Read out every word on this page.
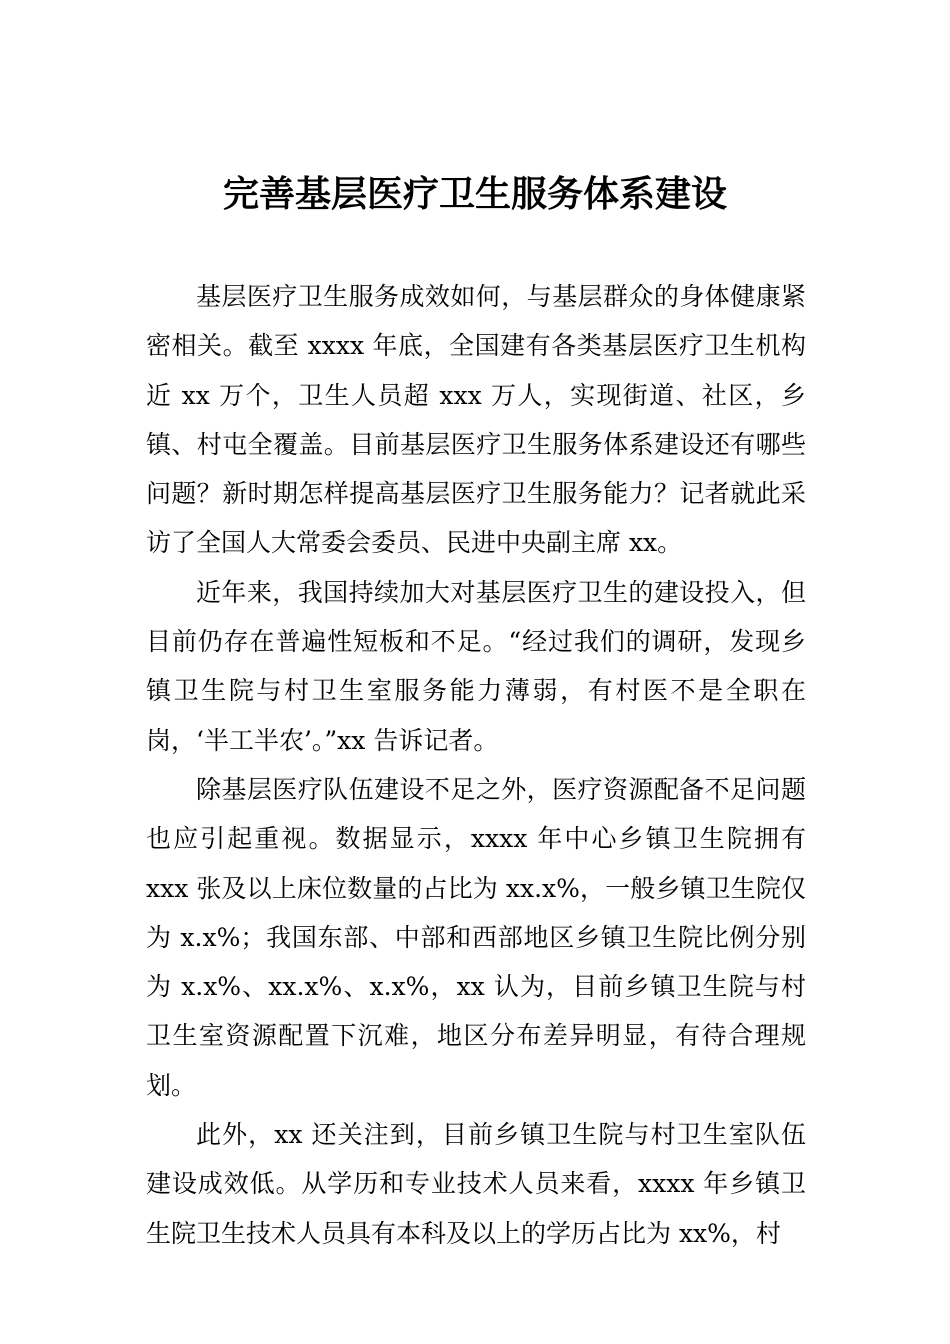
完善基层医疗卫生服务体系建设

基层医疗卫生服务成效如何，与基层群众的身体健康紧密相关。截至 xxxx 年底，全国建有各类基层医疗卫生机构近 xx 万个，卫生人员超 xxx 万人，实现街道、社区，乡镇、村屯全覆盖。目前基层医疗卫生服务体系建设还有哪些问题？新时期怎样提高基层医疗卫生服务能力？记者就此采访了全国人大常委会委员、民进中央副主席 xx。

近年来，我国持续加大对基层医疗卫生的建设投入，但目前仍存在普遍性短板和不足。“经过我们的调研，发现乡镇卫生院与村卫生室服务能力薄弱，有村医不是全职在岗，‘半工半农’。”xx 告诉记者。

除基层医疗队伍建设不足之外，医疗资源配备不足问题也应引起重视。数据显示，xxxx 年中心乡镇卫生院拥有 xxx 张及以上床位数量的占比为 xx.x%，一般乡镇卫生院仅为 x.x%；我国东部、中部和西部地区乡镇卫生院比例分别为 x.x%、xx.x%、x.x%，xx 认为，目前乡镇卫生院与村卫生室资源配置下沉难，地区分布差异明显，有待合理规划。

此外，xx 还关注到，目前乡镇卫生院与村卫生室队伍建设成效低。从学历和专业技术人员来看，xxxx 年乡镇卫生院卫生技术人员具有本科及以上的学历占比为 xx%，村
